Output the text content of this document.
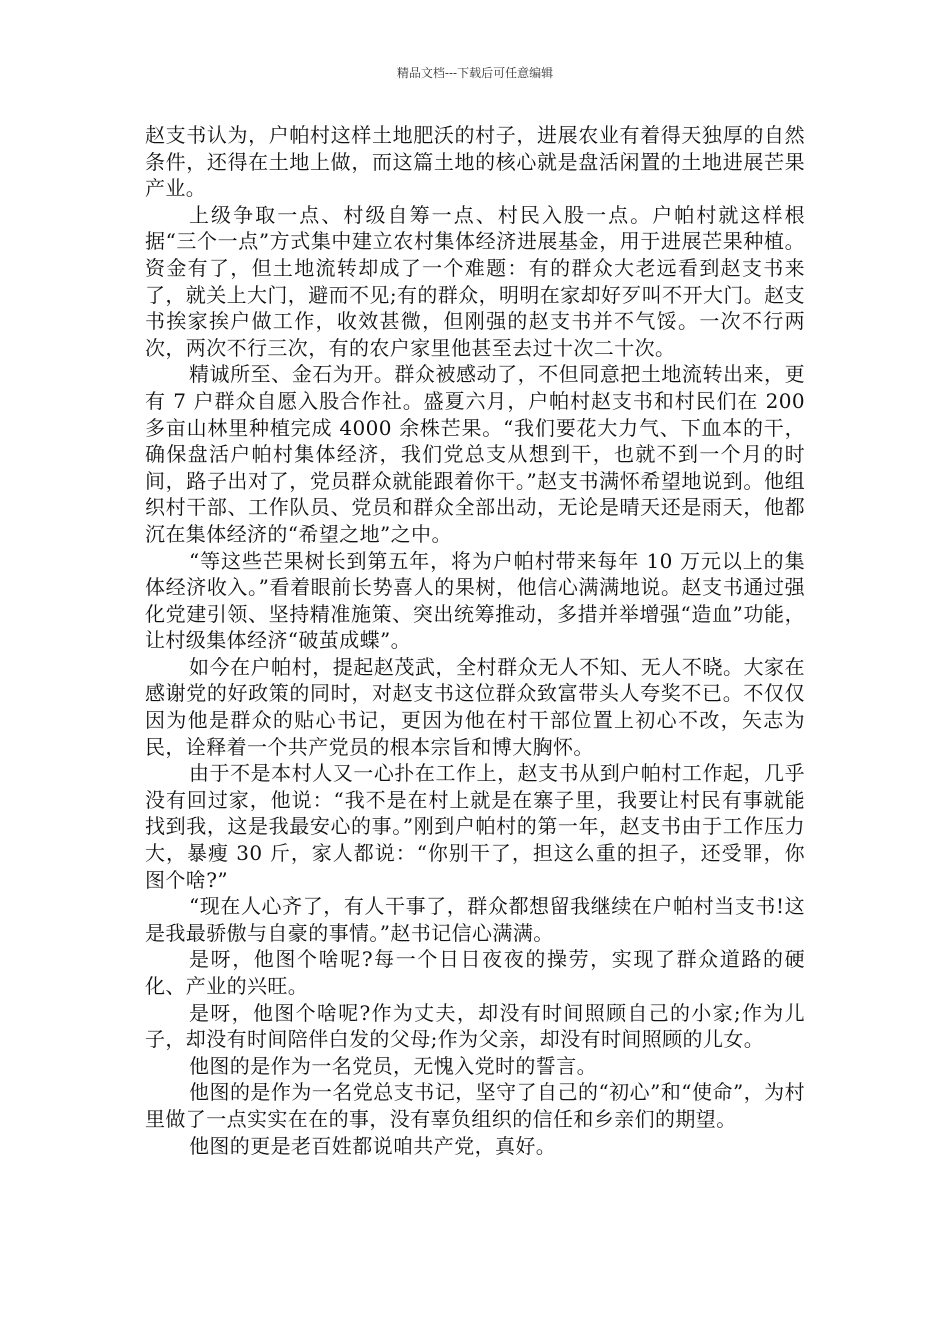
精品文档---下载后可任意编辑

赵支书认为，户帕村这样土地肥沃的村子，进展农业有着得天独厚的自然条件，还得在土地上做，而这篇土地的核心就是盘活闲置的土地进展芒果产业。

上级争取一点、村级自筹一点、村民入股一点。户帕村就这样根据“三个一点”方式集中建立农村集体经济进展基金，用于进展芒果种植。资金有了，但土地流转却成了一个难题：有的群众大老远看到赵支书来了，就关上大门，避而不见;有的群众，明明在家却好歹叫不开大门。赵支书挨家挨户做工作，收效甚微，但刚强的赵支书并不气馁。一次不行两次，两次不行三次，有的农户家里他甚至去过十次二十次。

精诚所至、金石为开。群众被感动了，不但同意把土地流转出来，更有 7 户群众自愿入股合作社。盛夏六月，户帕村赵支书和村民们在 200 多亩山林里种植完成 4000 余株芒果。“我们要花大力气、下血本的干，确保盘活户帕村集体经济，我们党总支从想到干，也就不到一个月的时间，路子出对了，党员群众就能跟着你干。”赵支书满怀希望地说到。他组织村干部、工作队员、党员和群众全部出动，无论是晴天还是雨天，他都沉在集体经济的“希望之地”之中。

“等这些芒果树长到第五年，将为户帕村带来每年 10 万元以上的集体经济收入。”看着眼前长势喜人的果树，他信心满满地说。赵支书通过强化党建引领、坚持精准施策、突出统筹推动，多措并举增强“造血”功能，让村级集体经济“破茧成蝶”。

如今在户帕村，提起赵茂武，全村群众无人不知、无人不晓。大家在感谢党的好政策的同时，对赵支书这位群众致富带头人夸奖不已。不仅仅因为他是群众的贴心书记，更因为他在村干部位置上初心不改，矢志为民，诠释着一个共产党员的根本宗旨和博大胸怀。

由于不是本村人又一心扑在工作上，赵支书从到户帕村工作起，几乎没有回过家，他说：“我不是在村上就是在寨子里，我要让村民有事就能找到我，这是我最安心的事。”刚到户帕村的第一年，赵支书由于工作压力大，暴瘦 30 斤，家人都说：“你别干了，担这么重的担子，还受罪，你图个啥?”

“现在人心齐了，有人干事了，群众都想留我继续在户帕村当支书!这是我最骄傲与自豪的事情。”赵书记信心满满。

是呀，他图个啥呢?每一个日日夜夜的操劳，实现了群众道路的硬化、产业的兴旺。

是呀，他图个啥呢?作为丈夫，却没有时间照顾自己的小家;作为儿子，却没有时间陪伴白发的父母;作为父亲，却没有时间照顾的儿女。

他图的是作为一名党员，无愧入党时的誓言。

他图的是作为一名党总支书记，坚守了自己的“初心”和“使命”，为村里做了一点实实在在的事，没有辜负组织的信任和乡亲们的期望。

他图的更是老百姓都说咱共产党，真好。
